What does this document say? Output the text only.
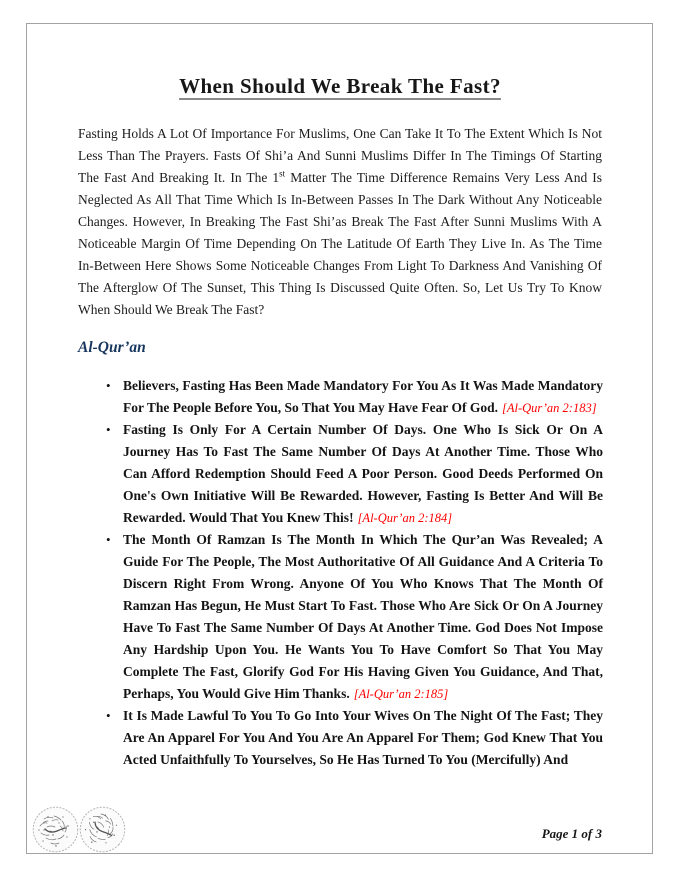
When Should We Break The Fast?

Fasting Holds A Lot Of Importance For Muslims, One Can Take It To The Extent Which Is Not Less Than The Prayers. Fasts Of Shi’a And Sunni Muslims Differ In The Timings Of Starting The Fast And Breaking It. In The 1st Matter The Time Difference Remains Very Less And Is Neglected As All That Time Which Is In-Between Passes In The Dark Without Any Noticeable Changes. However, In Breaking The Fast Shi’as Break The Fast After Sunni Muslims With A Noticeable Margin Of Time Depending On The Latitude Of Earth They Live In. As The Time In-Between Here Shows Some Noticeable Changes From Light To Darkness And Vanishing Of The Afterglow Of The Sunset, This Thing Is Discussed Quite Often. So, Let Us Try To Know When Should We Break The Fast?

Al-Qur’an
• Believers, Fasting Has Been Made Mandatory For You As It Was Made Mandatory For The People Before You, So That You May Have Fear Of God. [Al-Qur’an 2:183]
• Fasting Is Only For A Certain Number Of Days. One Who Is Sick Or On A Journey Has To Fast The Same Number Of Days At Another Time. Those Who Can Afford Redemption Should Feed A Poor Person. Good Deeds Performed On One's Own Initiative Will Be Rewarded. However, Fasting Is Better And Will Be Rewarded. Would That You Knew This! [Al-Qur’an 2:184]
• The Month Of Ramzan Is The Month In Which The Qur’an Was Revealed; A Guide For The People, The Most Authoritative Of All Guidance And A Criteria To Discern Right From Wrong. Anyone Of You Who Knows That The Month Of Ramzan Has Begun, He Must Start To Fast. Those Who Are Sick Or On A Journey Have To Fast The Same Number Of Days At Another Time. God Does Not Impose Any Hardship Upon You. He Wants You To Have Comfort So That You May Complete The Fast, Glorify God For His Having Given You Guidance, And That, Perhaps, You Would Give Him Thanks. [Al-Qur’an 2:185]
• It Is Made Lawful To You To Go Into Your Wives On The Night Of The Fast; They Are An Apparel For You And You Are An Apparel For Them; God Knew That You Acted Unfaithfully To Yourselves, So He Has Turned To You (Mercifully) And
Page 1 of 3
